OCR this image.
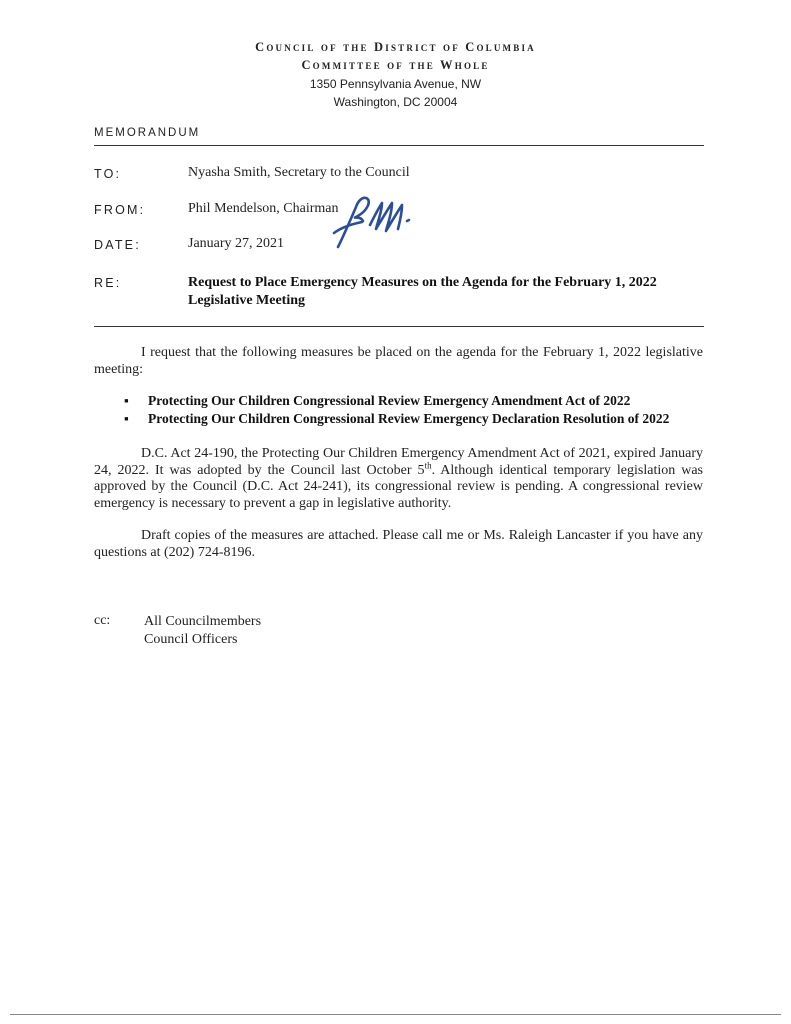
Council of the District of Columbia
Committee of the Whole
1350 Pennsylvania Avenue, NW
Washington, DC 20004
MEMORANDUM
TO:	Nyasha Smith, Secretary to the Council
FROM:	Phil Mendelson, Chairman
DATE:	January 27, 2021
RE:	Request to Place Emergency Measures on the Agenda for the February 1, 2022 Legislative Meeting
I request that the following measures be placed on the agenda for the February 1, 2022 legislative meeting:
▪ Protecting Our Children Congressional Review Emergency Amendment Act of 2022
▪ Protecting Our Children Congressional Review Emergency Declaration Resolution of 2022
D.C. Act 24-190, the Protecting Our Children Emergency Amendment Act of 2021, expired January 24, 2022. It was adopted by the Council last October 5th. Although identical temporary legislation was approved by the Council (D.C. Act 24-241), its congressional review is pending. A congressional review emergency is necessary to prevent a gap in legislative authority.
Draft copies of the measures are attached. Please call me or Ms. Raleigh Lancaster if you have any questions at (202) 724-8196.
cc: All Councilmembers
Council Officers
